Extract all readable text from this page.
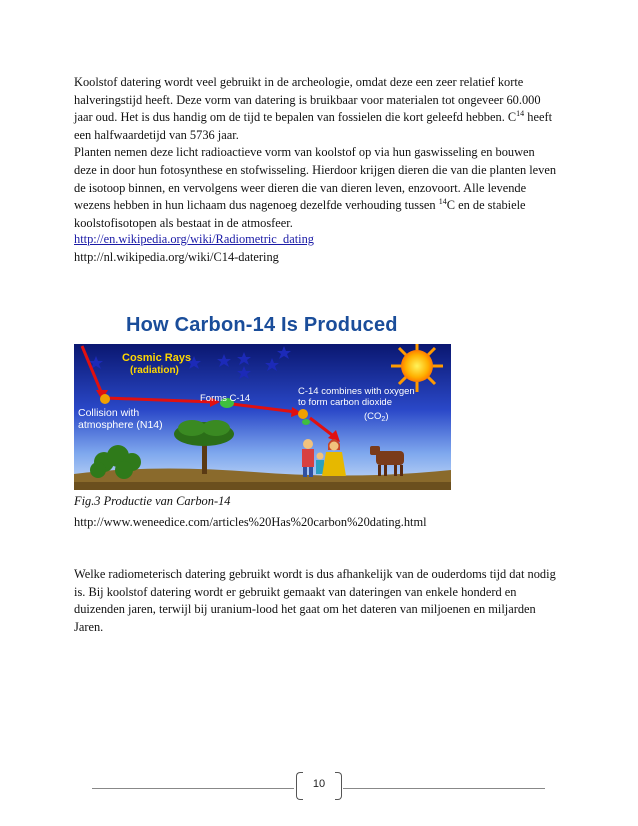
Koolstof datering wordt veel gebruikt in de archeologie, omdat deze een zeer relatief korte
halveringstijd heeft. Deze vorm van datering is bruikbaar voor materialen tot ongeveer 60.000
jaar oud. Het is dus handig om de tijd te bepalen van fossielen die kort geleefd hebben. $C^{14}$ heeft
een halfwaardetijd van 5736 jaar.
Planten nemen deze licht radioactieve vorm van koolstof op via hun gaswisseling en bouwen
deze in door hun fotosynthese en stofwisseling. Hierdoor krijgen dieren die van die planten leven
de isotoop binnen, en vervolgens weer dieren die van dieren leven, enzovoort. Alle levende
wezens hebben in hun lichaam dus nagenoeg dezelfde verhouding tussen $^{14}$C en de stabiele
koolstofisotopen als bestaat in de atmosfeer.
http://en.wikipedia.org/wiki/Radiometric_dating
http://nl.wikipedia.org/wiki/C14-datering
Cosmic Rays
(radiation)
Forms C-14
C-14 combines with oxygen
to form carbon dioxide
$(CO_2)$
Collision with
atmosphere (N14)
How Carbon-14 Is Produced
Fig.3 Productie van Carbon-14
http://www.weneedice.com/articles%20Has%20carbon%20dating.html
Welke radiometerisch datering gebruikt wordt is dus afhankelijk van de ouderdoms tijd dat nodig
is. Bij koolstof datering wordt er gebruikt gemaakt van dateringen van enkele honderd en
duizenden jaren, terwijl bij uranium-lood het gaat om het dateren van miljoenen en miljarden
Jaren.
10
